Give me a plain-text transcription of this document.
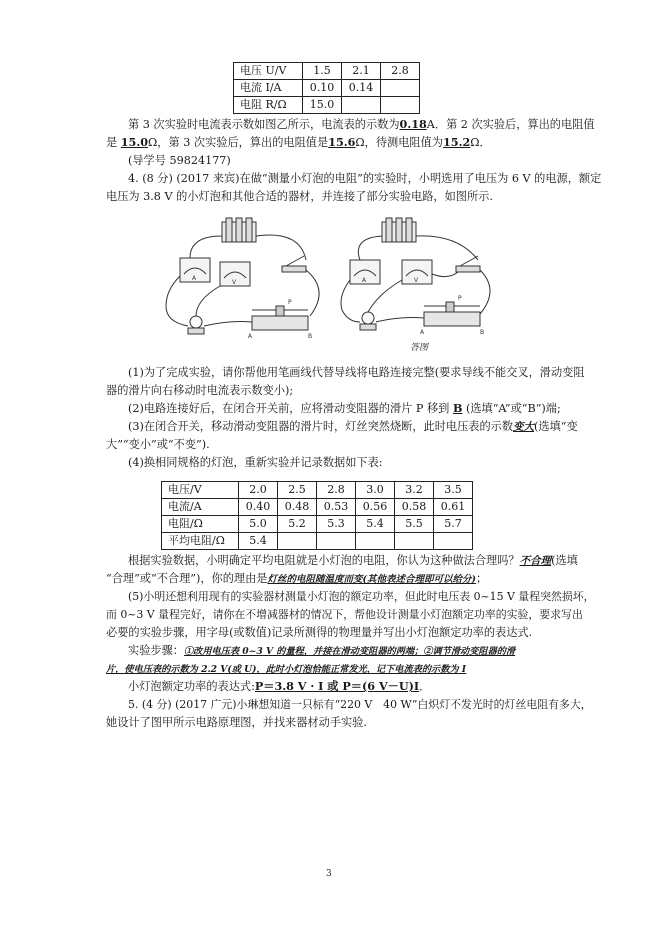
电压 U/V	1.5	2.1	2.8
电流 I/A	0.10	0.14	
电阻 R/Ω	15.0		
第 3 次实验时电流表示数如图乙所示，电流表的示数为0.18A．第 2 次实验后，算出的电阻值
是 15.0Ω，第 3 次实验后，算出的电阻值是15.6Ω，待测电阻值为15.2Ω．
(导学号 59824177)
4. (8 分) (2017 来宾)在做“测量小灯泡的电阻”的实验时，小明选用了电压为 6 V 的电源，额定
电压为 3.8 V 的小灯泡和其他合适的器材，并连接了部分实验电路，如图所示.
A
V
P
A	B
A	V
P
A	B
答图
(1)为了完成实验，请你帮他用笔画线代替导线将电路连接完整(要求导线不能交叉，滑动变阻
器的滑片向右移动时电流表示数变小);
(2)电路连接好后，在闭合开关前，应将滑动变阻器的滑片 P 移到 B (选填“A”或“B”)端;
(3)在闭合开关，移动滑动变阻器的滑片时，灯丝突然烧断，此时电压表的示数变大(选填“变
大”“变小”或“不变”).
(4)换相同规格的灯泡，重新实验并记录数据如下表:
电压/V	2.0	2.5	2.8	3.0	3.2	3.5
电流/A	0.40	0.48	0.53	0.56	0.58	0.61
电阻/Ω	5.0	5.2	5.3	5.4	5.5	5.7
平均电阻/Ω	5.4					
根据实验数据，小明确定平均电阻就是小灯泡的电阻，你认为这种做法合理吗？不合理(选填
“合理”或“不合理”)，你的理由是灯丝的电阻随温度而变(其他表述合理即可以给分)；
(5)小明还想利用现有的实验器材测量小灯泡的额定功率，但此时电压表 0~15 V 量程突然损坏，
而 0~3 V 量程完好，请你在不增减器材的情况下，帮他设计测量小灯泡额定功率的实验，要求写出
必要的实验步骤，用字母(或数值)记录所测得的物理量并写出小灯泡额定功率的表达式.
实验步骤：①改用电压表 0~3 V 的量程，并接在滑动变阻器的两端；②调节滑动变阻器的滑
片，使电压表的示数为 2.2 V(或 U)，此时小灯泡恰能正常发光，记下电流表的示数为 I
小灯泡额定功率的表达式:P＝3.8 V · I 或 P＝(6 V－U)I．
5. (4 分) (2017 广元)小琳想知道一只标有“220 V　40 W”白炽灯不发光时的灯丝电阻有多大，
她设计了图甲所示电路原理图，并找来器材动手实验.
3
